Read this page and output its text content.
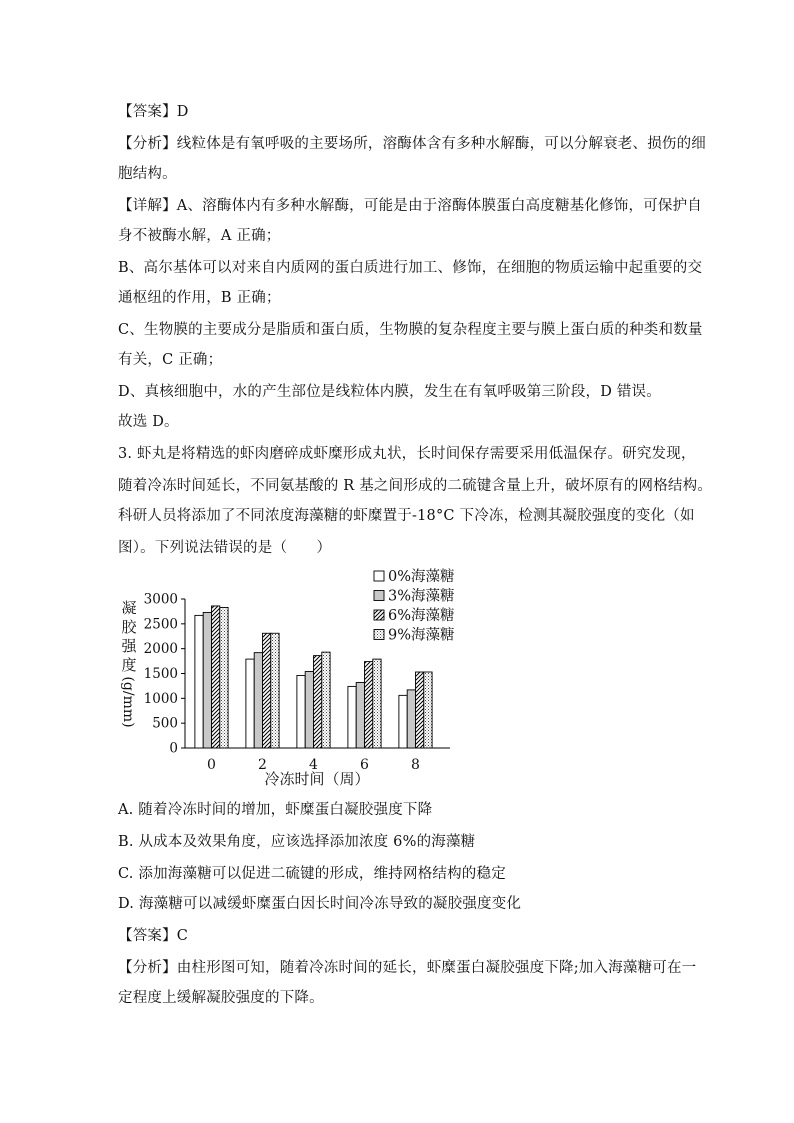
【答案】D
【分析】线粒体是有氧呼吸的主要场所，溶酶体含有多种水解酶，可以分解衰老、损伤的细
胞结构。
【详解】A、溶酶体内有多种水解酶，可能是由于溶酶体膜蛋白高度糖基化修饰，可保护自
身不被酶水解，A 正确；
B、高尔基体可以对来自内质网的蛋白质进行加工、修饰，在细胞的物质运输中起重要的交
通枢纽的作用，B 正确；
C、生物膜的主要成分是脂质和蛋白质，生物膜的复杂程度主要与膜上蛋白质的种类和数量
有关，C 正确；
D、真核细胞中，水的产生部位是线粒体内膜，发生在有氧呼吸第三阶段，D 错误。
故选 D。
3. 虾丸是将精选的虾肉磨碎成虾糜形成丸状，长时间保存需要采用低温保存。研究发现，
随着冷冻时间延长，不同氨基酸的 R 基之间形成的二硫键含量上升，破坏原有的网格结构。
科研人员将添加了不同浓度海藻糖的虾糜置于-18°C 下冷冻，检测其凝胶强度的变化（如
图）。下列说法错误的是（　　）
0
500
1000
1500
2000
2500
3000
凝
胶
强
度
(g/mm)
0	2	4	6	8
冷冻时间（周）
0%海藻糖
3%海藻糖
6%海藻糖
9%海藻糖
A. 随着冷冻时间的增加，虾糜蛋白凝胶强度下降
B. 从成本及效果角度，应该选择添加浓度 6%的海藻糖
C. 添加海藻糖可以促进二硫键的形成，维持网格结构的稳定
D. 海藻糖可以减缓虾糜蛋白因长时间冷冻导致的凝胶强度变化
【答案】C
【分析】由柱形图可知，随着冷冻时间的延长，虾糜蛋白凝胶强度下降;加入海藻糖可在一
定程度上缓解凝胶强度的下降。
